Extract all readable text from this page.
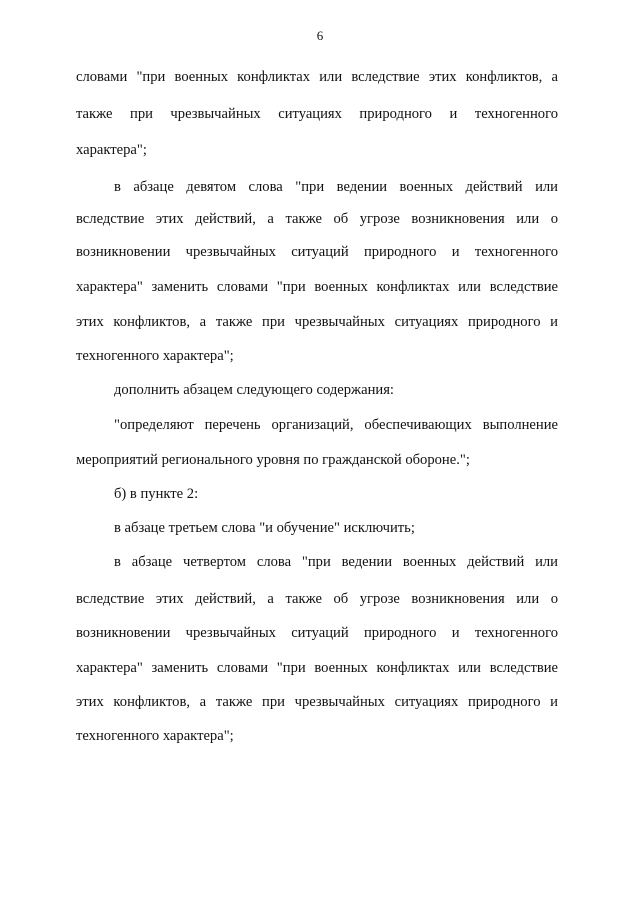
6
словами "при военных конфликтах или вследствие этих конфликтов, а
также при чрезвычайных ситуациях природного и техногенного
характера";
в абзаце девятом слова "при ведении военных действий или
вследствие этих действий, а также об угрозе возникновения или о
возникновении чрезвычайных ситуаций природного и техногенного
характера" заменить словами "при военных конфликтах или вследствие
этих конфликтов, а также при чрезвычайных ситуациях природного и
техногенного характера";
дополнить абзацем следующего содержания:
"определяют перечень организаций, обеспечивающих выполнение
мероприятий регионального уровня по гражданской обороне.";
б) в пункте 2:
в абзаце третьем слова "и обучение" исключить;
в абзаце четвертом слова "при ведении военных действий или
вследствие этих действий, а также об угрозе возникновения или о
возникновении чрезвычайных ситуаций природного и техногенного
характера" заменить словами "при военных конфликтах или вследствие
этих конфликтов, а также при чрезвычайных ситуациях природного и
техногенного характера";
